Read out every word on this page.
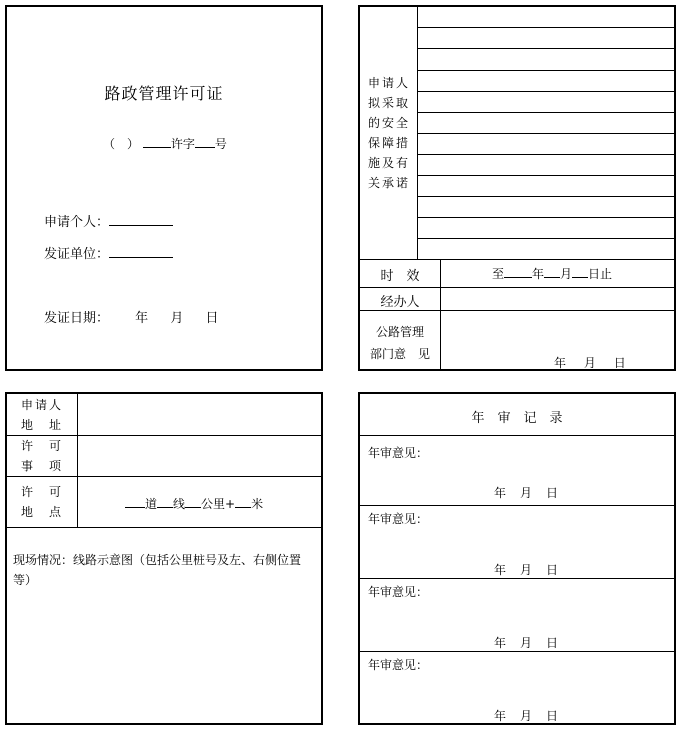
路政管理许可证
（　）	许字 号
申请个人：
发证单位：
发证日期： 年 月 日
申请人
拟采取
的安全
保障措
施及有
关承诺
时　效	至 年 月 日止
经办人
公路管理
部门意　见
年 月 日
申请人
地　址
许　可
事　项
许　可
地　点
道 线 公里+ 米
现场情况：线路示意图（包括公里桩号及左、右侧位置等）
年　审　记　录
年审意见：
年 月 日
年审意见：
年 月 日
年审意见：
年 月 日
年审意见：
年 月 日
